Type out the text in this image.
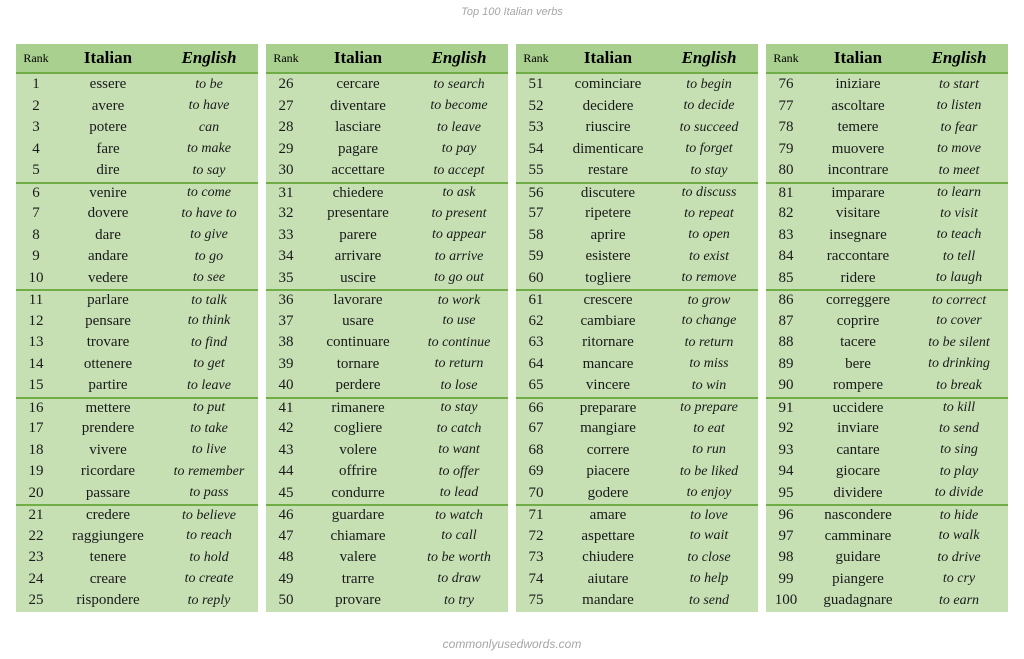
Top 100 Italian verbs
Rank	Italian	English
1	essere	to be
2	avere	to have
3	potere	can
4	fare	to make
5	dire	to say
6	venire	to come
7	dovere	to have to
8	dare	to give
9	andare	to go
10	vedere	to see
11	parlare	to talk
12	pensare	to think
13	trovare	to find
14	ottenere	to get
15	partire	to leave
16	mettere	to put
17	prendere	to take
18	vivere	to live
19	ricordare	to remember
20	passare	to pass
21	credere	to believe
22	raggiungere	to reach
23	tenere	to hold
24	creare	to create
25	rispondere	to reply
Rank	Italian	English
26	cercare	to search
27	diventare	to become
28	lasciare	to leave
29	pagare	to pay
30	accettare	to accept
31	chiedere	to ask
32	presentare	to present
33	parere	to appear
34	arrivare	to arrive
35	uscire	to go out
36	lavorare	to work
37	usare	to use
38	continuare	to continue
39	tornare	to return
40	perdere	to lose
41	rimanere	to stay
42	cogliere	to catch
43	volere	to want
44	offrire	to offer
45	condurre	to lead
46	guardare	to watch
47	chiamare	to call
48	valere	to be worth
49	trarre	to draw
50	provare	to try
Rank	Italian	English
51	cominciare	to begin
52	decidere	to decide
53	riuscire	to succeed
54	dimenticare	to forget
55	restare	to stay
56	discutere	to discuss
57	ripetere	to repeat
58	aprire	to open
59	esistere	to exist
60	togliere	to remove
61	crescere	to grow
62	cambiare	to change
63	ritornare	to return
64	mancare	to miss
65	vincere	to win
66	preparare	to prepare
67	mangiare	to eat
68	correre	to run
69	piacere	to be liked
70	godere	to enjoy
71	amare	to love
72	aspettare	to wait
73	chiudere	to close
74	aiutare	to help
75	mandare	to send
Rank	Italian	English
76	iniziare	to start
77	ascoltare	to listen
78	temere	to fear
79	muovere	to move
80	incontrare	to meet
81	imparare	to learn
82	visitare	to visit
83	insegnare	to teach
84	raccontare	to tell
85	ridere	to laugh
86	correggere	to correct
87	coprire	to cover
88	tacere	to be silent
89	bere	to drinking
90	rompere	to break
91	uccidere	to kill
92	inviare	to send
93	cantare	to sing
94	giocare	to play
95	dividere	to divide
96	nascondere	to hide
97	camminare	to walk
98	guidare	to drive
99	piangere	to cry
100	guadagnare	to earn
commonlyusedwords.com
